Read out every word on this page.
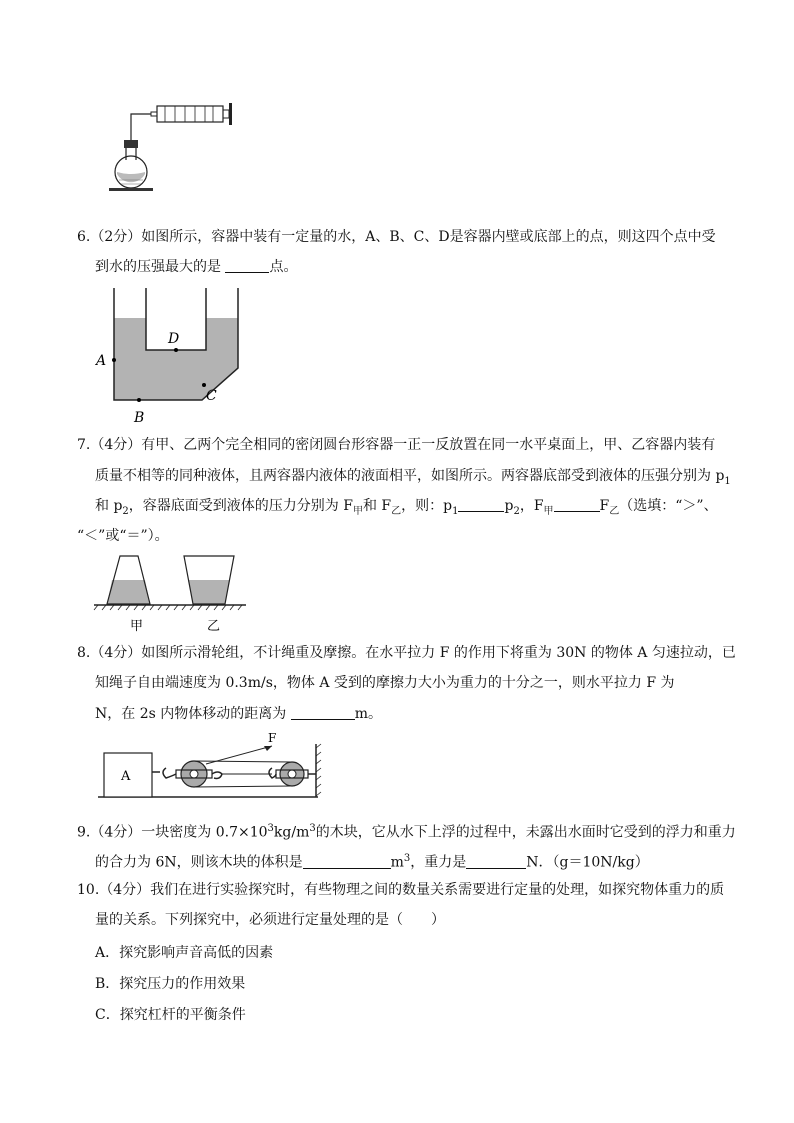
6.（2分）如图所示，容器中装有一定量的水，A、B、C、D是容器内壁或底部上的点，则这四个点中受
到水的压强最大的是	点。
A
D
C
B
7.（4分）有甲、乙两个完全相同的密闭圆台形容器一正一反放置在同一水平桌面上，甲、乙容器内装有
质量不相等的同种液体，且两容器内液体的液面相平，如图所示。两容器底部受到液体的压强分别为 $p_1$
和 $p_2$，容器底面受到液体的压力分别为 $F_甲$和 $F_乙$，则：$p_1$	$p_2$，$F_甲$	$F_乙$（选填：“＞”、
“＜”或“＝”）。
甲	乙
8.（4分）如图所示滑轮组，不计绳重及摩擦。在水平拉力 F 的作用下将重为 30N 的物体 A 匀速拉动，已
知绳子自由端速度为 0.3m/s，物体 A 受到的摩擦力大小为重力的十分之一，则水平拉力 F 为
N，在 2s 内物体移动的距离为	m。
A
F
9.（4分）一块密度为 $0.7\times 10^3kg/m^3$的木块，它从水下上浮的过程中，未露出水面时它受到的浮力和重力
的合力为 6N，则该木块的体积是	$m^3$，重力是	N．（g＝10N/kg）
10.（4分）我们在进行实验探究时，有些物理之间的数量关系需要进行定量的处理，如探究物体重力的质
量的关系。下列探究中，必须进行定量处理的是（　　）
A．探究影响声音高低的因素
B．探究压力的作用效果
C．探究杠杆的平衡条件
